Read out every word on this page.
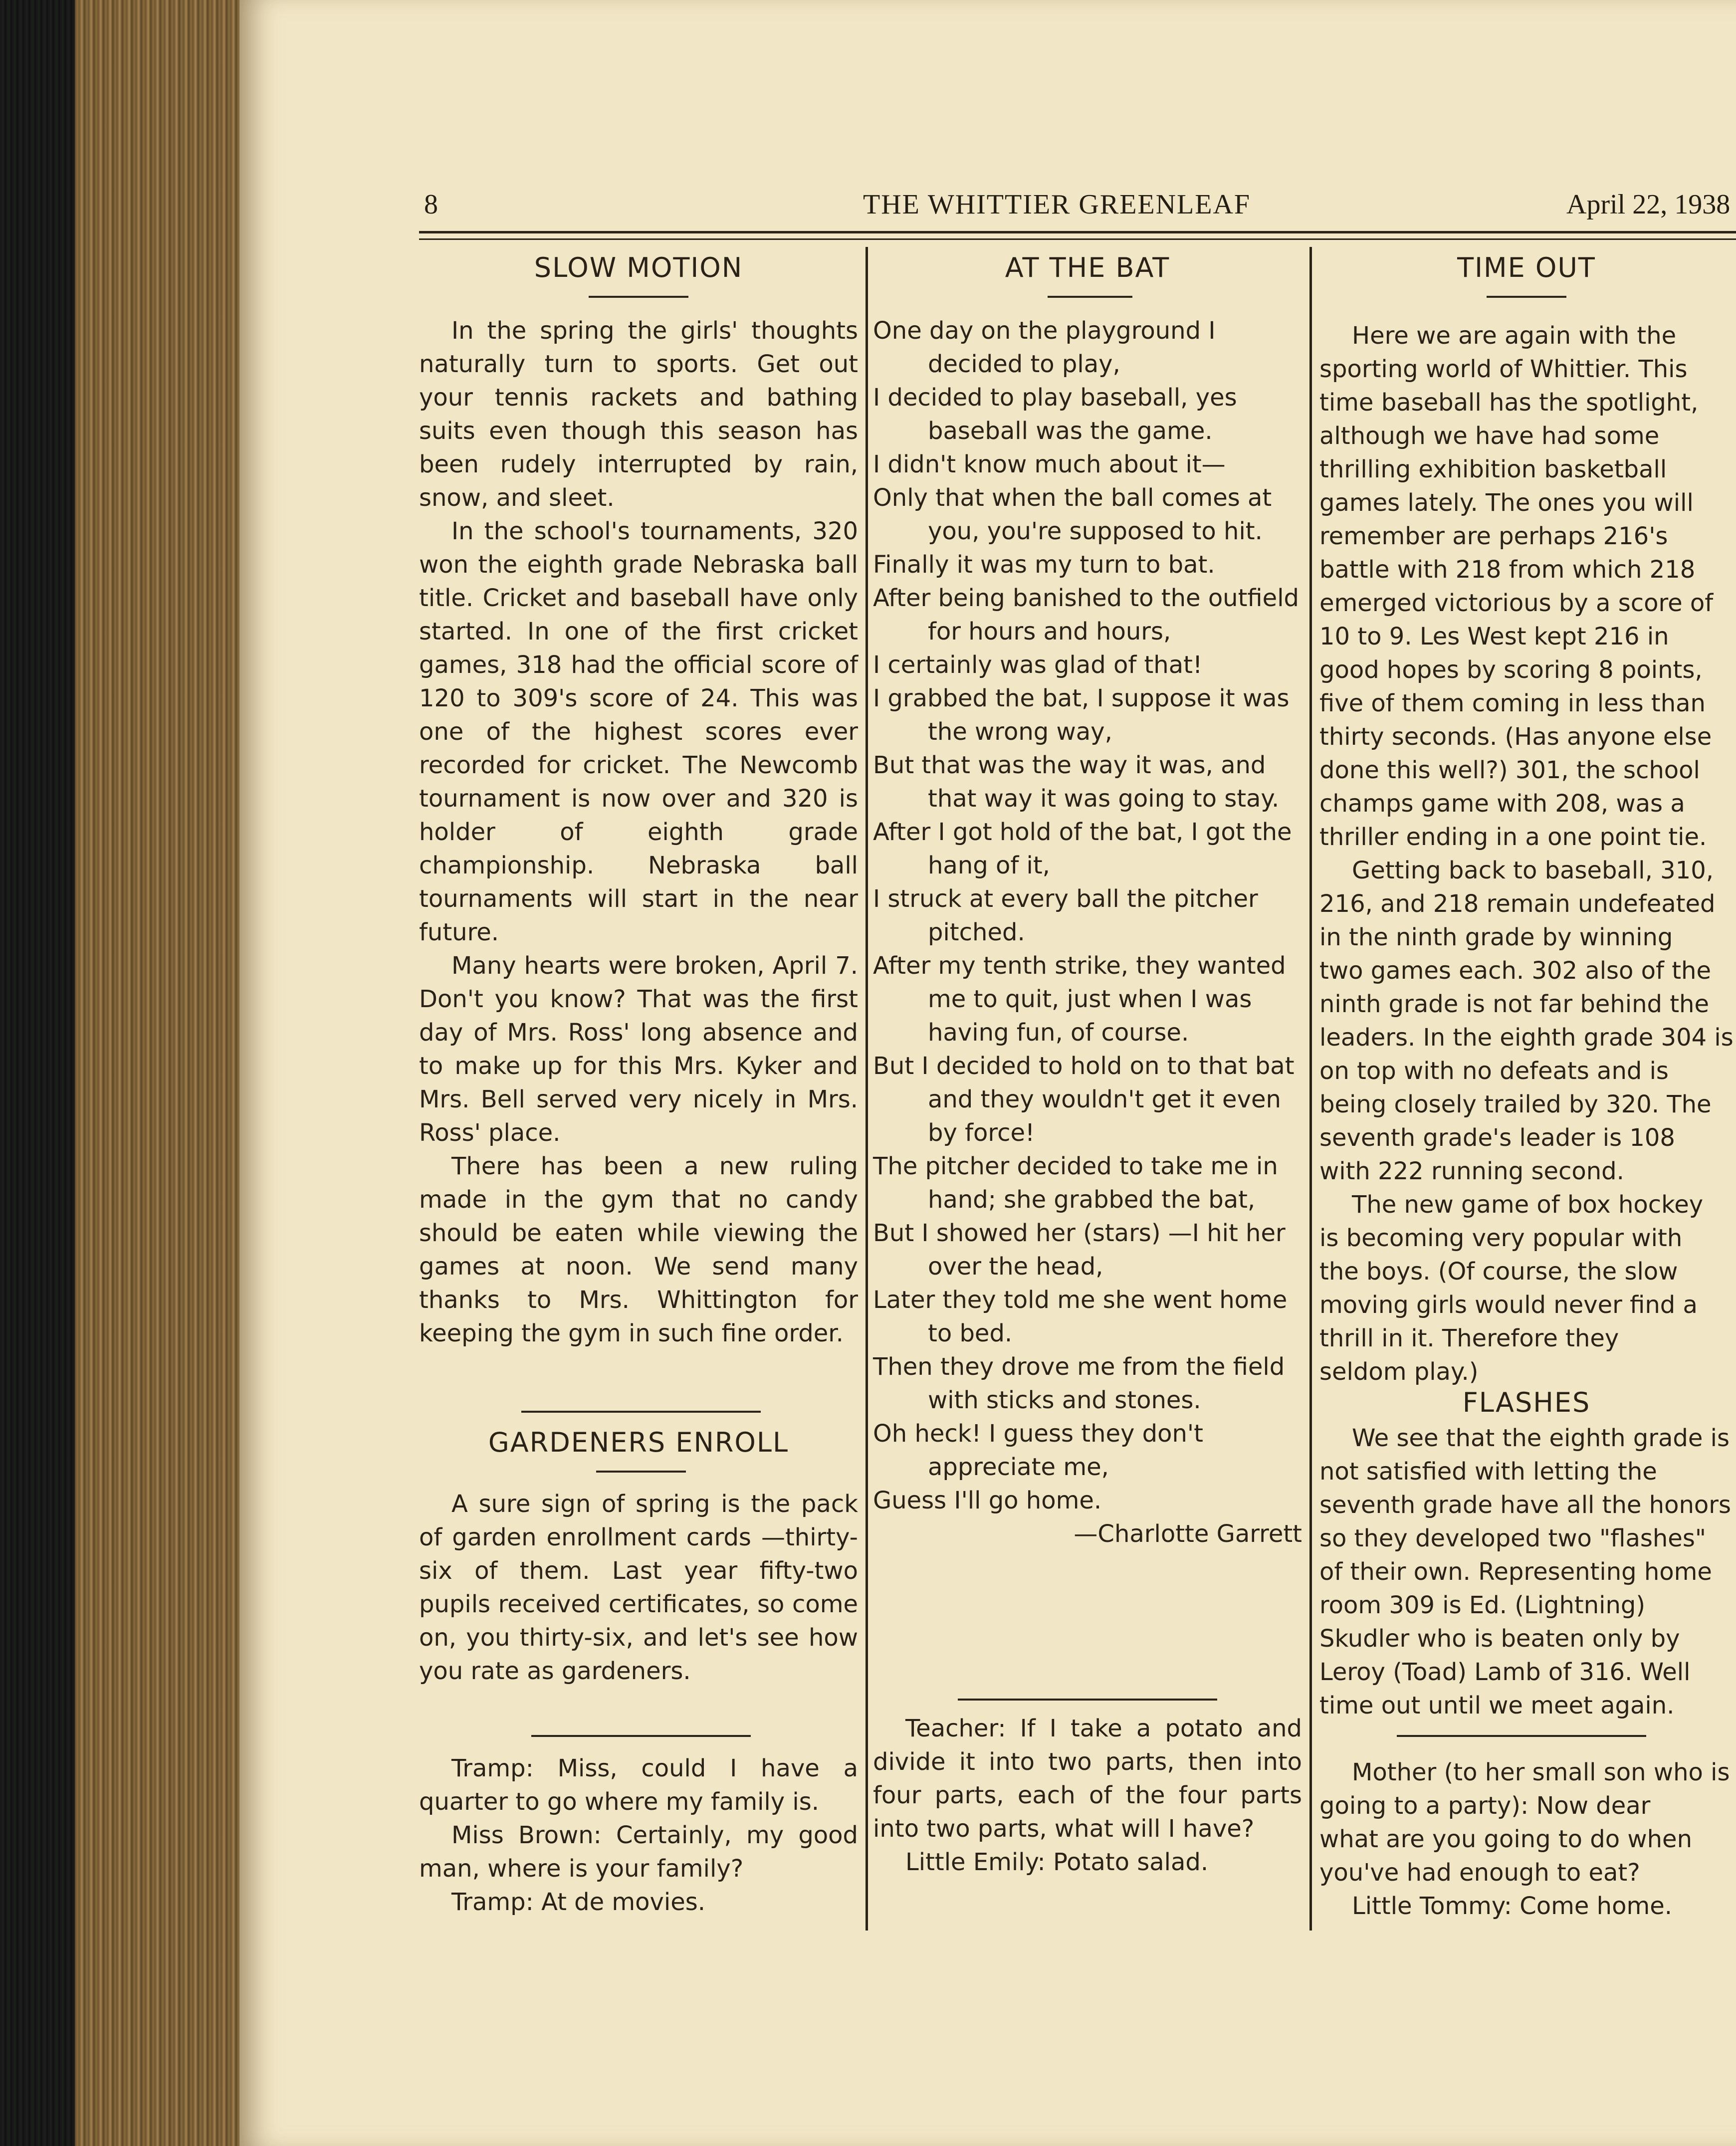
8	THE WHITTIER GREENLEAF	April 22, 1938
SLOW MOTION

In the spring the girls' thoughts naturally turn to sports. Get out your tennis rackets and bathing suits even though this season has been rudely interrupted by rain, snow, and sleet.

In the school's tournaments, 320 won the eighth grade Nebraska ball title. Cricket and baseball have only started. In one of the first cricket games, 318 had the official score of 120 to 309's score of 24. This was one of the highest scores ever recorded for cricket. The Newcomb tournament is now over and 320 is holder of eighth grade championship. Nebraska ball tournaments will start in the near future.

Many hearts were broken, April 7. Don't you know? That was the first day of Mrs. Ross' long absence and to make up for this Mrs. Kyker and Mrs. Bell served very nicely in Mrs. Ross' place.

There has been a new ruling made in the gym that no candy should be eaten while viewing the games at noon. We send many thanks to Mrs. Whittington for keeping the gym in such fine order.

GARDENERS ENROLL

A sure sign of spring is the pack of garden enrollment cards —thirty-six of them. Last year fifty-two pupils received certificates, so come on, you thirty-six, and let's see how you rate as gardeners.

Tramp: Miss, could I have a quarter to go where my family is.

Miss Brown: Certainly, my good man, where is your family?

Tramp: At de movies.

AT THE BAT

One day on the playground I decided to play,

I decided to play baseball, yes baseball was the game.

I didn't know much about it—

Only that when the ball comes at you, you're supposed to hit.

Finally it was my turn to bat.

After being banished to the outfield for hours and hours,

I certainly was glad of that!

I grabbed the bat, I suppose it was the wrong way,

But that was the way it was, and that way it was going to stay.

After I got hold of the bat, I got the hang of it,

I struck at every ball the pitcher pitched.

After my tenth strike, they wanted me to quit, just when I was having fun, of course.

But I decided to hold on to that bat and they wouldn't get it even by force!

The pitcher decided to take me in hand; she grabbed the bat,

But I showed her (stars) —I hit her over the head,

Later they told me she went home to bed.

Then they drove me from the field with sticks and stones.

Oh heck! I guess they don't appreciate me,

Guess I'll go home.

—Charlotte Garrett

Teacher: If I take a potato and divide it into two parts, then into four parts, each of the four parts into two parts, what will I have?

Little Emily: Potato salad.

TIME OUT

Here we are again with the

sporting world of Whittier. This

time baseball has the spotlight,

although we have had some

thrilling exhibition basketball

games lately. The ones you will

remember are perhaps 216's

battle with 218 from which 218

emerged victorious by a score of

10 to 9. Les West kept 216 in

good hopes by scoring 8 points,

five of them coming in less than

thirty seconds. (Has anyone else

done this well?) 301, the school

champs game with 208, was a

thriller ending in a one point tie.

Getting back to baseball, 310,

216, and 218 remain undefeated

in the ninth grade by winning

two games each. 302 also of the

ninth grade is not far behind the

leaders. In the eighth grade 304 is

on top with no defeats and is

being closely trailed by 320. The

seventh grade's leader is 108

with 222 running second.

The new game of box hockey

is becoming very popular with

the boys. (Of course, the slow

moving girls would never find a

thrill in it. Therefore they

seldom play.)

FLASHES

We see that the eighth grade is

not satisfied with letting the

seventh grade have all the honors

so they developed two "flashes"

of their own. Representing home

room 309 is Ed. (Lightning)

Skudler who is beaten only by

Leroy (Toad) Lamb of 316. Well

time out until we meet again.

Mother (to her small son who is

going to a party): Now dear

what are you going to do when

you've had enough to eat?

Little Tommy: Come home.
